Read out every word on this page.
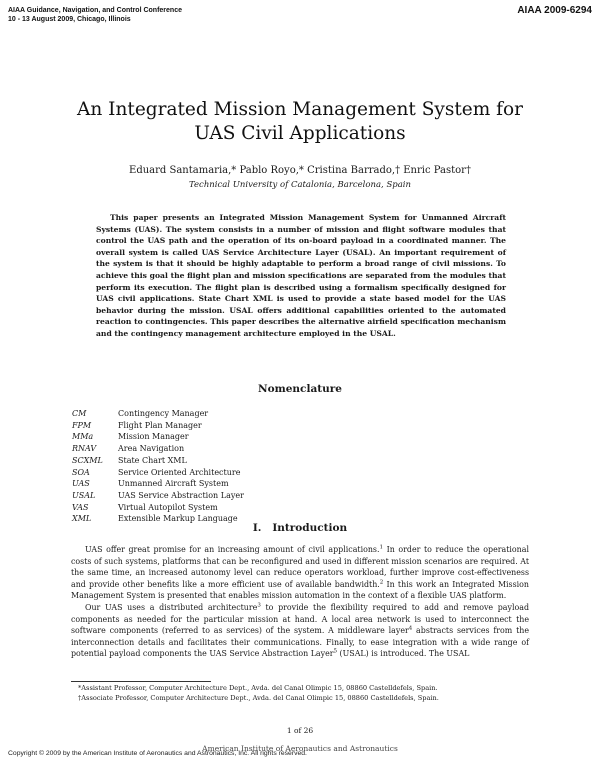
AIAA Guidance, Navigation, and Control Conference
10 - 13 August 2009, Chicago, Illinois
AIAA 2009-6294
An Integrated Mission Management System for
UAS Civil Applications
Eduard Santamaria,* Pablo Royo,* Cristina Barrado,† Enric Pastor†
Technical University of Catalonia, Barcelona, Spain

This paper presents an Integrated Mission Management System for Unmanned Aircraft Systems (UAS). The system consists in a number of mission and flight software modules that control the UAS path and the operation of its on-board payload in a coordinated manner. The overall system is called UAS Service Architecture Layer (USAL). An important requirement of the system is that it should be highly adaptable to perform a broad range of civil missions. To achieve this goal the flight plan and mission specifications are separated from the modules that perform its execution. The flight plan is described using a formalism specifically designed for UAS civil applications. State Chart XML is used to provide a state based model for the UAS behavior during the mission. USAL offers additional capabilities oriented to the automated reaction to contingencies. This paper describes the alternative airfield specification mechanism and the contingency management architecture employed in the USAL.

Nomenclature
CM	Contingency Manager
FPM	Flight Plan Manager
MMa	Mission Manager
RNAV	Area Navigation
SCXML	State Chart XML
SOA	Service Oriented Architecture
UAS	Unmanned Aircraft System
USAL	UAS Service Abstraction Layer
VAS	Virtual Autopilot System
XML	Extensible Markup Language
I. Introduction

UAS offer great promise for an increasing amount of civil applications.$^1$ In order to reduce the operational costs of such systems, platforms that can be reconfigured and used in different mission scenarios are required. At the same time, an increased autonomy level can reduce operators workload, further improve cost-effectiveness and provide other benefits like a more efficient use of available bandwidth.$^2$ In this work an Integrated Mission Management System is presented that enables mission automation in the context of a flexible UAS platform.

Our UAS uses a distributed architecture$^3$ to provide the flexibility required to add and remove payload components as needed for the particular mission at hand. A local area network is used to interconnect the software components (referred to as services) of the system. A middleware layer$^4$ abstracts services from the interconnection details and facilitates their communications. Finally, to ease integration with a wide range of potential payload components the UAS Service Abstraction Layer$^5$ (USAL) is introduced. The USAL

*Assistant Professor, Computer Architecture Dept., Avda. del Canal Olimpic 15, 08860 Castelldefels, Spain.

†Associate Professor, Computer Architecture Dept., Avda. del Canal Olimpic 15, 08860 Castelldefels, Spain.

1 of 26
American Institute of Aeronautics and Astronautics
Copyright © 2009 by the American Institute of Aeronautics and Astronautics, Inc. All rights reserved.
